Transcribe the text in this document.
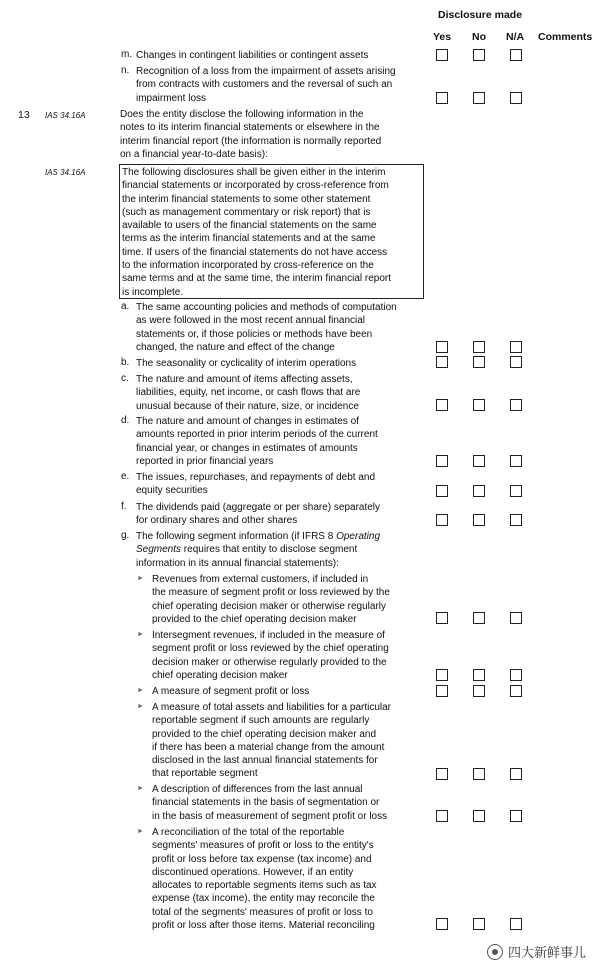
Disclosure made
Yes No N/A Comments
13 IAS 34.16A
IAS 34.16A
Does the entity disclose the following information in the
notes to its interim financial statements or elsewhere in the
interim financial report (the information is normally reported
on a financial year-to-date basis):
The following disclosures shall be given either in the interim
financial statements or incorporated by cross-reference from
the interim financial statements to some other statement
(such as management commentary or risk report) that is
available to users of the financial statements on the same
terms as the interim financial statements and at the same
time. If users of the financial statements do not have access
to the information incorporated by cross-reference on the
same terms and at the same time, the interim financial report
is incomplete.
m. Changes in contingent liabilities or contingent assets
n. Recognition of a loss from the impairment of assets arising
from contracts with customers and the reversal of such an
impairment loss
a. The same accounting policies and methods of computation
as were followed in the most recent annual financial
statements or, if those policies or methods have been
changed, the nature and effect of the change
b. The seasonality or cyclicality of interim operations
c. The nature and amount of items affecting assets,
liabilities, equity, net income, or cash flows that are
unusual because of their nature, size, or incidence
d. The nature and amount of changes in estimates of
amounts reported in prior interim periods of the current
financial year, or changes in estimates of amounts
reported in prior financial years
e. The issues, repurchases, and repayments of debt and
equity securities
f. The dividends paid (aggregate or per share) separately
for ordinary shares and other shares
g. The following segment information (if IFRS 8 Operating
Segments requires that entity to disclose segment
information in its annual financial statements):
► Revenues from external customers, if included in
the measure of segment profit or loss reviewed by the
chief operating decision maker or otherwise regularly
provided to the chief operating decision maker
► Intersegment revenues, if included in the measure of
segment profit or loss reviewed by the chief operating
decision maker or otherwise regularly provided to the
chief operating decision maker
► A measure of segment profit or loss
► A measure of total assets and liabilities for a particular
reportable segment if such amounts are regularly
provided to the chief operating decision maker and
if there has been a material change from the amount
disclosed in the last annual financial statements for
that reportable segment
► A description of differences from the last annual
financial statements in the basis of segmentation or
in the basis of measurement of segment profit or loss
► A reconciliation of the total of the reportable
segments' measures of profit or loss to the entity's
profit or loss before tax expense (tax income) and
discontinued operations. However, if an entity
allocates to reportable segments items such as tax
expense (tax income), the entity may reconcile the
total of the segments' measures of profit or loss to
profit or loss after those items. Material reconciling
四大新鲜事儿
